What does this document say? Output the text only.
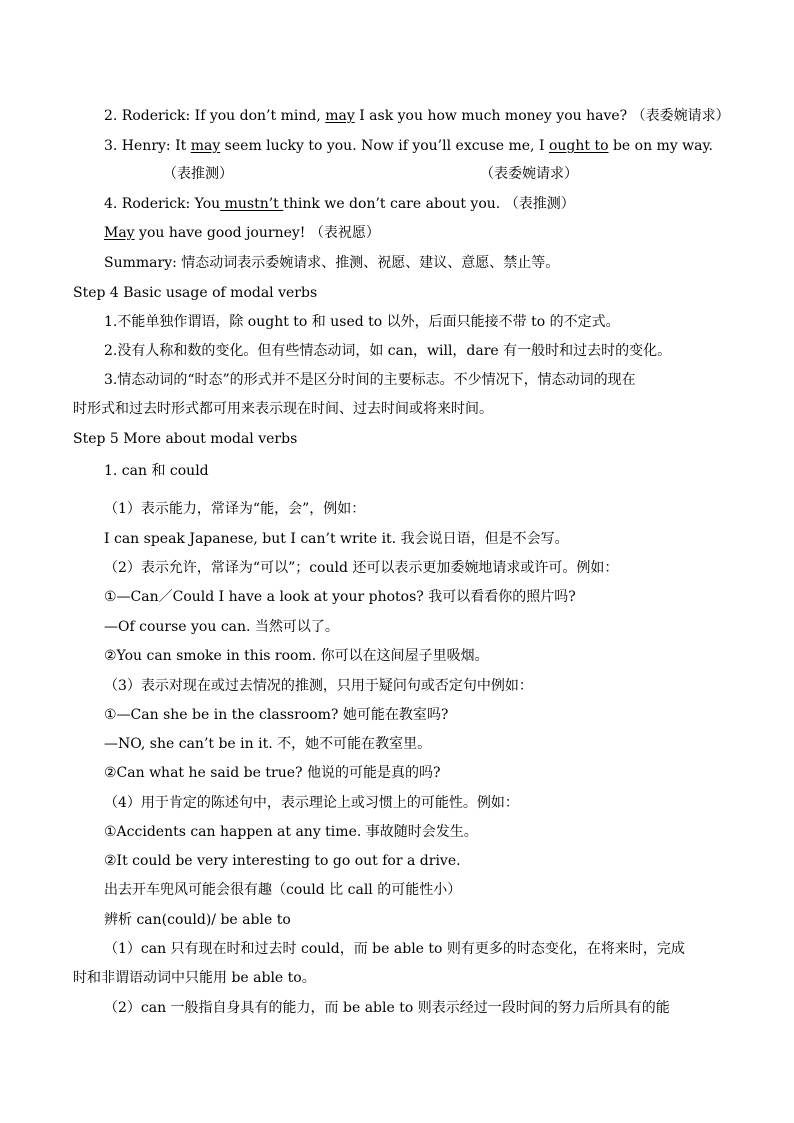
2. Roderick: If you don’t mind, may I ask you how much money you have? （表委婉请求）
3. Henry: It may seem lucky to you. Now if you’ll excuse me, I ought to be on my way.
（表推测）	（表委婉请求）
4. Roderick: You mustn’t think we don’t care about you. （表推测）
May you have good journey! （表祝愿）
Summary: 情态动词表示委婉请求、推测、祝愿、建议、意愿、禁止等。
Step 4 Basic usage of modal verbs
1.不能单独作谓语，除 ought to 和 used to 以外，后面只能接不带 to 的不定式。
2.没有人称和数的变化。但有些情态动词，如 can，will，dare 有一般时和过去时的变化。
3.情态动词的“时态”的形式并不是区分时间的主要标志。不少情况下，情态动词的现在
时形式和过去时形式都可用来表示现在时间、过去时间或将来时间。
Step 5 More about modal verbs
1. can 和 could
（1）表示能力，常译为“能，会”，例如：
I can speak Japanese, but I can’t write it. 我会说日语，但是不会写。
（2）表示允许，常译为“可以”；could 还可以表示更加委婉地请求或许可。例如：
①—Can／Could I have a look at your photos? 我可以看看你的照片吗?
—Of course you can. 当然可以了。
②You can smoke in this room. 你可以在这间屋子里吸烟。
（3）表示对现在或过去情况的推测，只用于疑问句或否定句中例如：
①—Can she be in the classroom? 她可能在教室吗?
—NO, she can’t be in it. 不，她不可能在教室里。
②Can what he said be true? 他说的可能是真的吗?
（4）用于肯定的陈述句中，表示理论上或习惯上的可能性。例如：
①Accidents can happen at any time. 事故随时会发生。
②It could be very interesting to go out for a drive.
出去开车兜风可能会很有趣（could 比 call 的可能性小）
辨析 can(could)/ be able to
（1）can 只有现在时和过去时 could，而 be able to 则有更多的时态变化，在将来时，完成
时和非谓语动词中只能用 be able to。
（2）can 一般指自身具有的能力，而 be able to 则表示经过一段时间的努力后所具有的能
